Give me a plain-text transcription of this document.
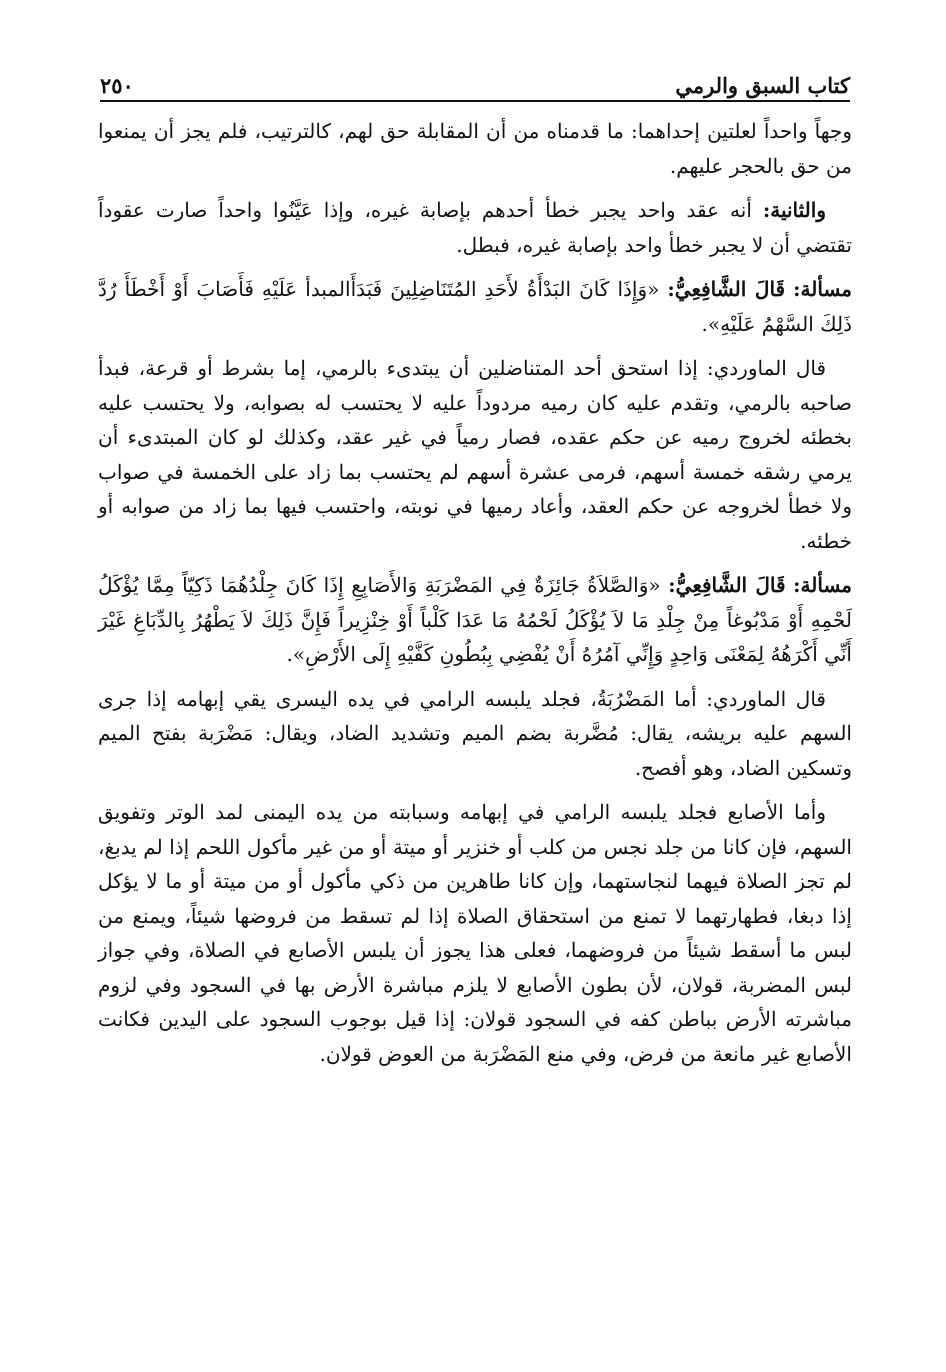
كتاب السبق والرمي
٢٥٠

وجهاً واحداً لعلتين إحداهما: ما قدمناه من أن المقابلة حق لهم، كالترتيب، فلم يجز أن يمنعوا من حق بالحجر عليهم.

والثانية: أنه عقد واحد يجبر خطأ أحدهم بإصابة غيره، وإذا عَيَّنُوا واحداً صارت عقوداً تقتضي أن لا يجبر خطأ واحد بإصابة غيره، فبطل.

مسألة: قَالَ الشَّافِعِيُّ: «وَإِذَا كَانَ البَدْأَةُ لأَحَدِ المُتَنَاضِلِينَ فَبَدَأَالمبدأ عَلَيْهِ فَأَصَابَ أَوْ أَخْطَأَ رُدَّ ذَلِكَ السَّهْمُ عَلَيْهِ».

قال الماوردي: إذا استحق أحد المتناضلين أن يبتدىء بالرمي، إما بشرط أو قرعة، فبدأ صاحبه بالرمي، وتقدم عليه كان رميه مردوداً عليه لا يحتسب له بصوابه، ولا يحتسب عليه بخطئه لخروج رميه عن حكم عقده، فصار رمياً في غير عقد، وكذلك لو كان المبتدىء أن يرمي رشقه خمسة أسهم، فرمى عشرة أسهم لم يحتسب بما زاد على الخمسة في صواب ولا خطأ لخروجه عن حكم العقد، وأعاد رميها في نوبته، واحتسب فيها بما زاد من صوابه أو خطئه.

مسألة: قَالَ الشَّافِعِيُّ: «وَالصَّلاَةُ جَائِزَةٌ فِي المَضْرَبَةِ وَالأَصَابِعِ إِذَا كَانَ جِلْدُهُمَا ذَكِيّاً مِمَّا يُؤْكَلُ لَحْمِهِ أَوْ مَدْبُوغاً مِنْ جِلْدِ مَا لاَ يُؤْكَلُ لَحْمُهُ مَا عَدَا كَلْباً أَوْ خِنْزِيراً فَإِنَّ ذَلِكَ لاَ يَطْهُرُ بِالدِّبَاغِ غَيْرَ أَنِّي أَكْرَهُهُ لِمَعْنَى وَاحِدٍ وَإِنِّي آمُرُهُ أَنْ يُفْضِي بِبُطُونِ كَفَّيْهِ إِلَى الأَرْضِ».

قال الماوردي: أما المَضْرُبَةُ، فجلد يلبسه الرامي في يده اليسرى يقي إبهامه إذا جرى السهم عليه بريشه، يقال: مُضَّربة بضم الميم وتشديد الضاد، ويقال: مَضْرَبة بفتح الميم وتسكين الضاد، وهو أفصح.

وأما الأصابع فجلد يلبسه الرامي في إبهامه وسبابته من يده اليمنى لمد الوتر وتفويق السهم، فإن كانا من جلد نجس من كلب أو خنزير أو ميتة أو من غير مأكول اللحم إذا لم يدبغ، لم تجز الصلاة فيهما لنجاستهما، وإن كانا طاهرين من ذكي مأكول أو من ميتة أو ما لا يؤكل إذا دبغا، فطهارتهما لا تمنع من استحقاق الصلاة إذا لم تسقط من فروضها شيئاً، ويمنع من لبس ما أسقط شيئاً من فروضهما، فعلى هذا يجوز أن يلبس الأصابع في الصلاة، وفي جواز لبس المضربة، قولان، لأن بطون الأصابع لا يلزم مباشرة الأرض بها في السجود وفي لزوم مباشرته الأرض بباطن كفه في السجود قولان: إذا قيل بوجوب السجود على اليدين فكانت الأصابع غير مانعة من فرض، وفي منع المَضْرَبة من العوض قولان.
